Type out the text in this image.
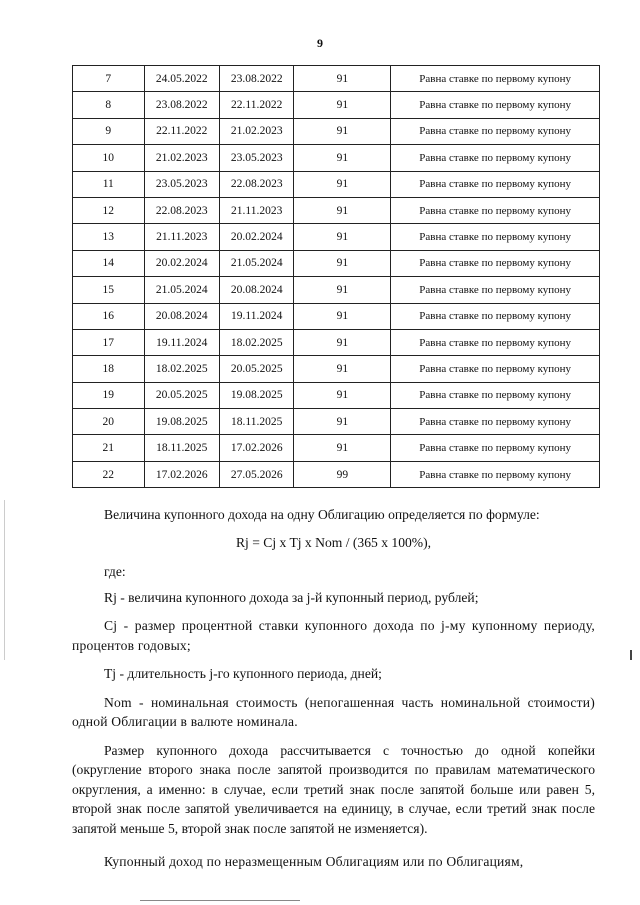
9
7	24.05.2022	23.08.2022	91	Равна ставке по первому купону
8	23.08.2022	22.11.2022	91	Равна ставке по первому купону
9	22.11.2022	21.02.2023	91	Равна ставке по первому купону
10	21.02.2023	23.05.2023	91	Равна ставке по первому купону
11	23.05.2023	22.08.2023	91	Равна ставке по первому купону
12	22.08.2023	21.11.2023	91	Равна ставке по первому купону
13	21.11.2023	20.02.2024	91	Равна ставке по первому купону
14	20.02.2024	21.05.2024	91	Равна ставке по первому купону
15	21.05.2024	20.08.2024	91	Равна ставке по первому купону
16	20.08.2024	19.11.2024	91	Равна ставке по первому купону
17	19.11.2024	18.02.2025	91	Равна ставке по первому купону
18	18.02.2025	20.05.2025	91	Равна ставке по первому купону
19	20.05.2025	19.08.2025	91	Равна ставке по первому купону
20	19.08.2025	18.11.2025	91	Равна ставке по первому купону
21	18.11.2025	17.02.2026	91	Равна ставке по первому купону
22	17.02.2026	27.05.2026	99	Равна ставке по первому купону

Величина купонного дохода на одну Облигацию определяется по формуле:

Rj = Cj x Tj x Nom / (365 x 100%),

где:

Rj - величина купонного дохода за j-й купонный период, рублей;

Cj - размер процентной ставки купонного дохода по j-му купонному периоду, процентов годовых;

Tj - длительность j-го купонного периода, дней;

Nom - номинальная стоимость (непогашенная часть номинальной стоимости) одной Облигации в валюте номинала.

Размер купонного дохода рассчитывается с точностью до одной копейки (округление второго знака после запятой производится по правилам математического округления, а именно: в случае, если третий знак после запятой больше или равен 5, второй знак после запятой увеличивается на единицу, в случае, если третий знак после запятой меньше 5, второй знак после запятой не изменяется).

Купонный доход по неразмещенным Облигациям или по Облигациям,
